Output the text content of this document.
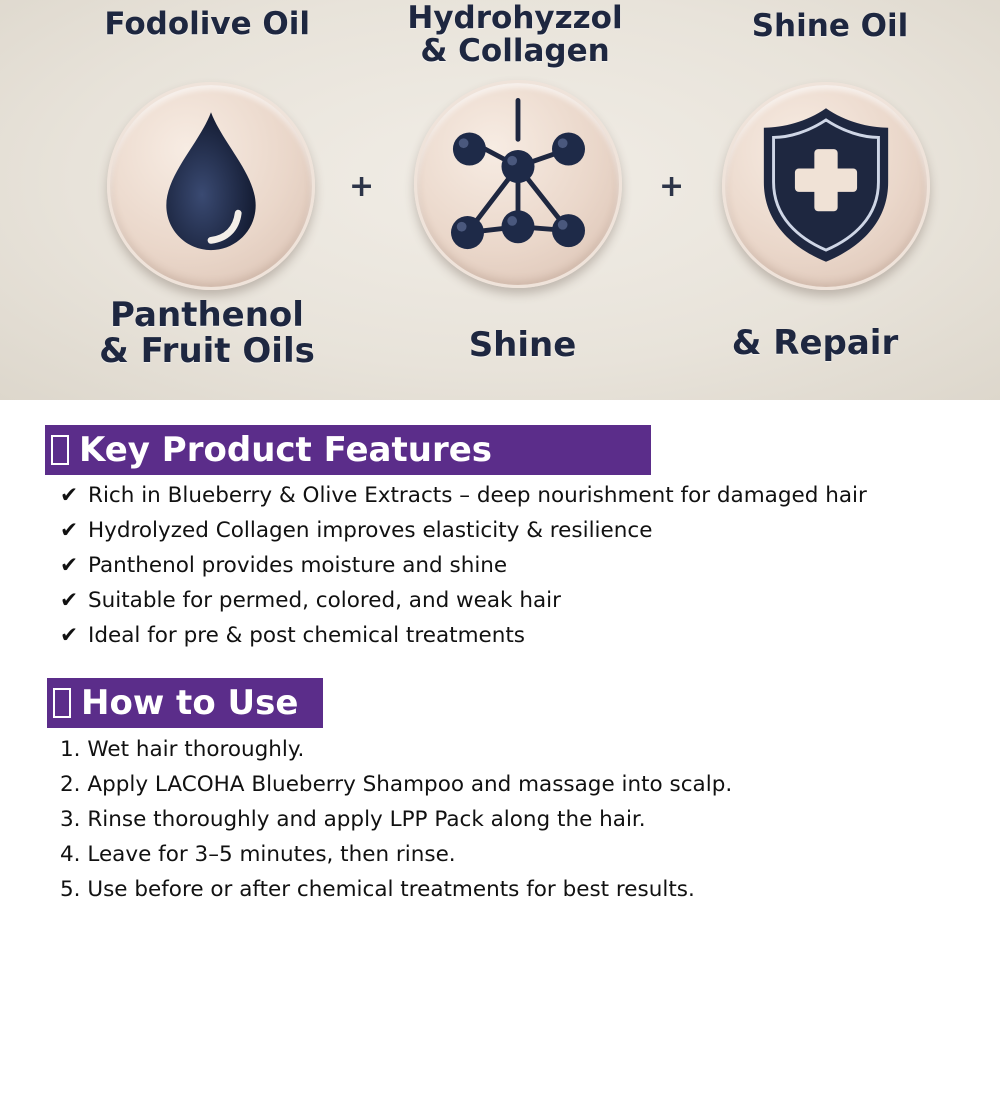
Fodolive Oil	Hydrohyzzol
& Collagen

Shine Oil

+	+

Panthenol
& Fruit Oils	Shine	& Repair

Key Product Features
✔ Rich in Blueberry & Olive Extracts – deep nourishment for damaged hair
✔ Hydrolyzed Collagen improves elasticity & resilience
✔ Panthenol provides moisture and shine
✔ Suitable for permed, colored, and weak hair
✔ Ideal for pre & post chemical treatments
How to Use
1. Wet hair thoroughly.
2. Apply LACOHA Blueberry Shampoo and massage into scalp.
3. Rinse thoroughly and apply LPP Pack along the hair.
4. Leave for 3–5 minutes, then rinse.
5. Use before or after chemical treatments for best results.
